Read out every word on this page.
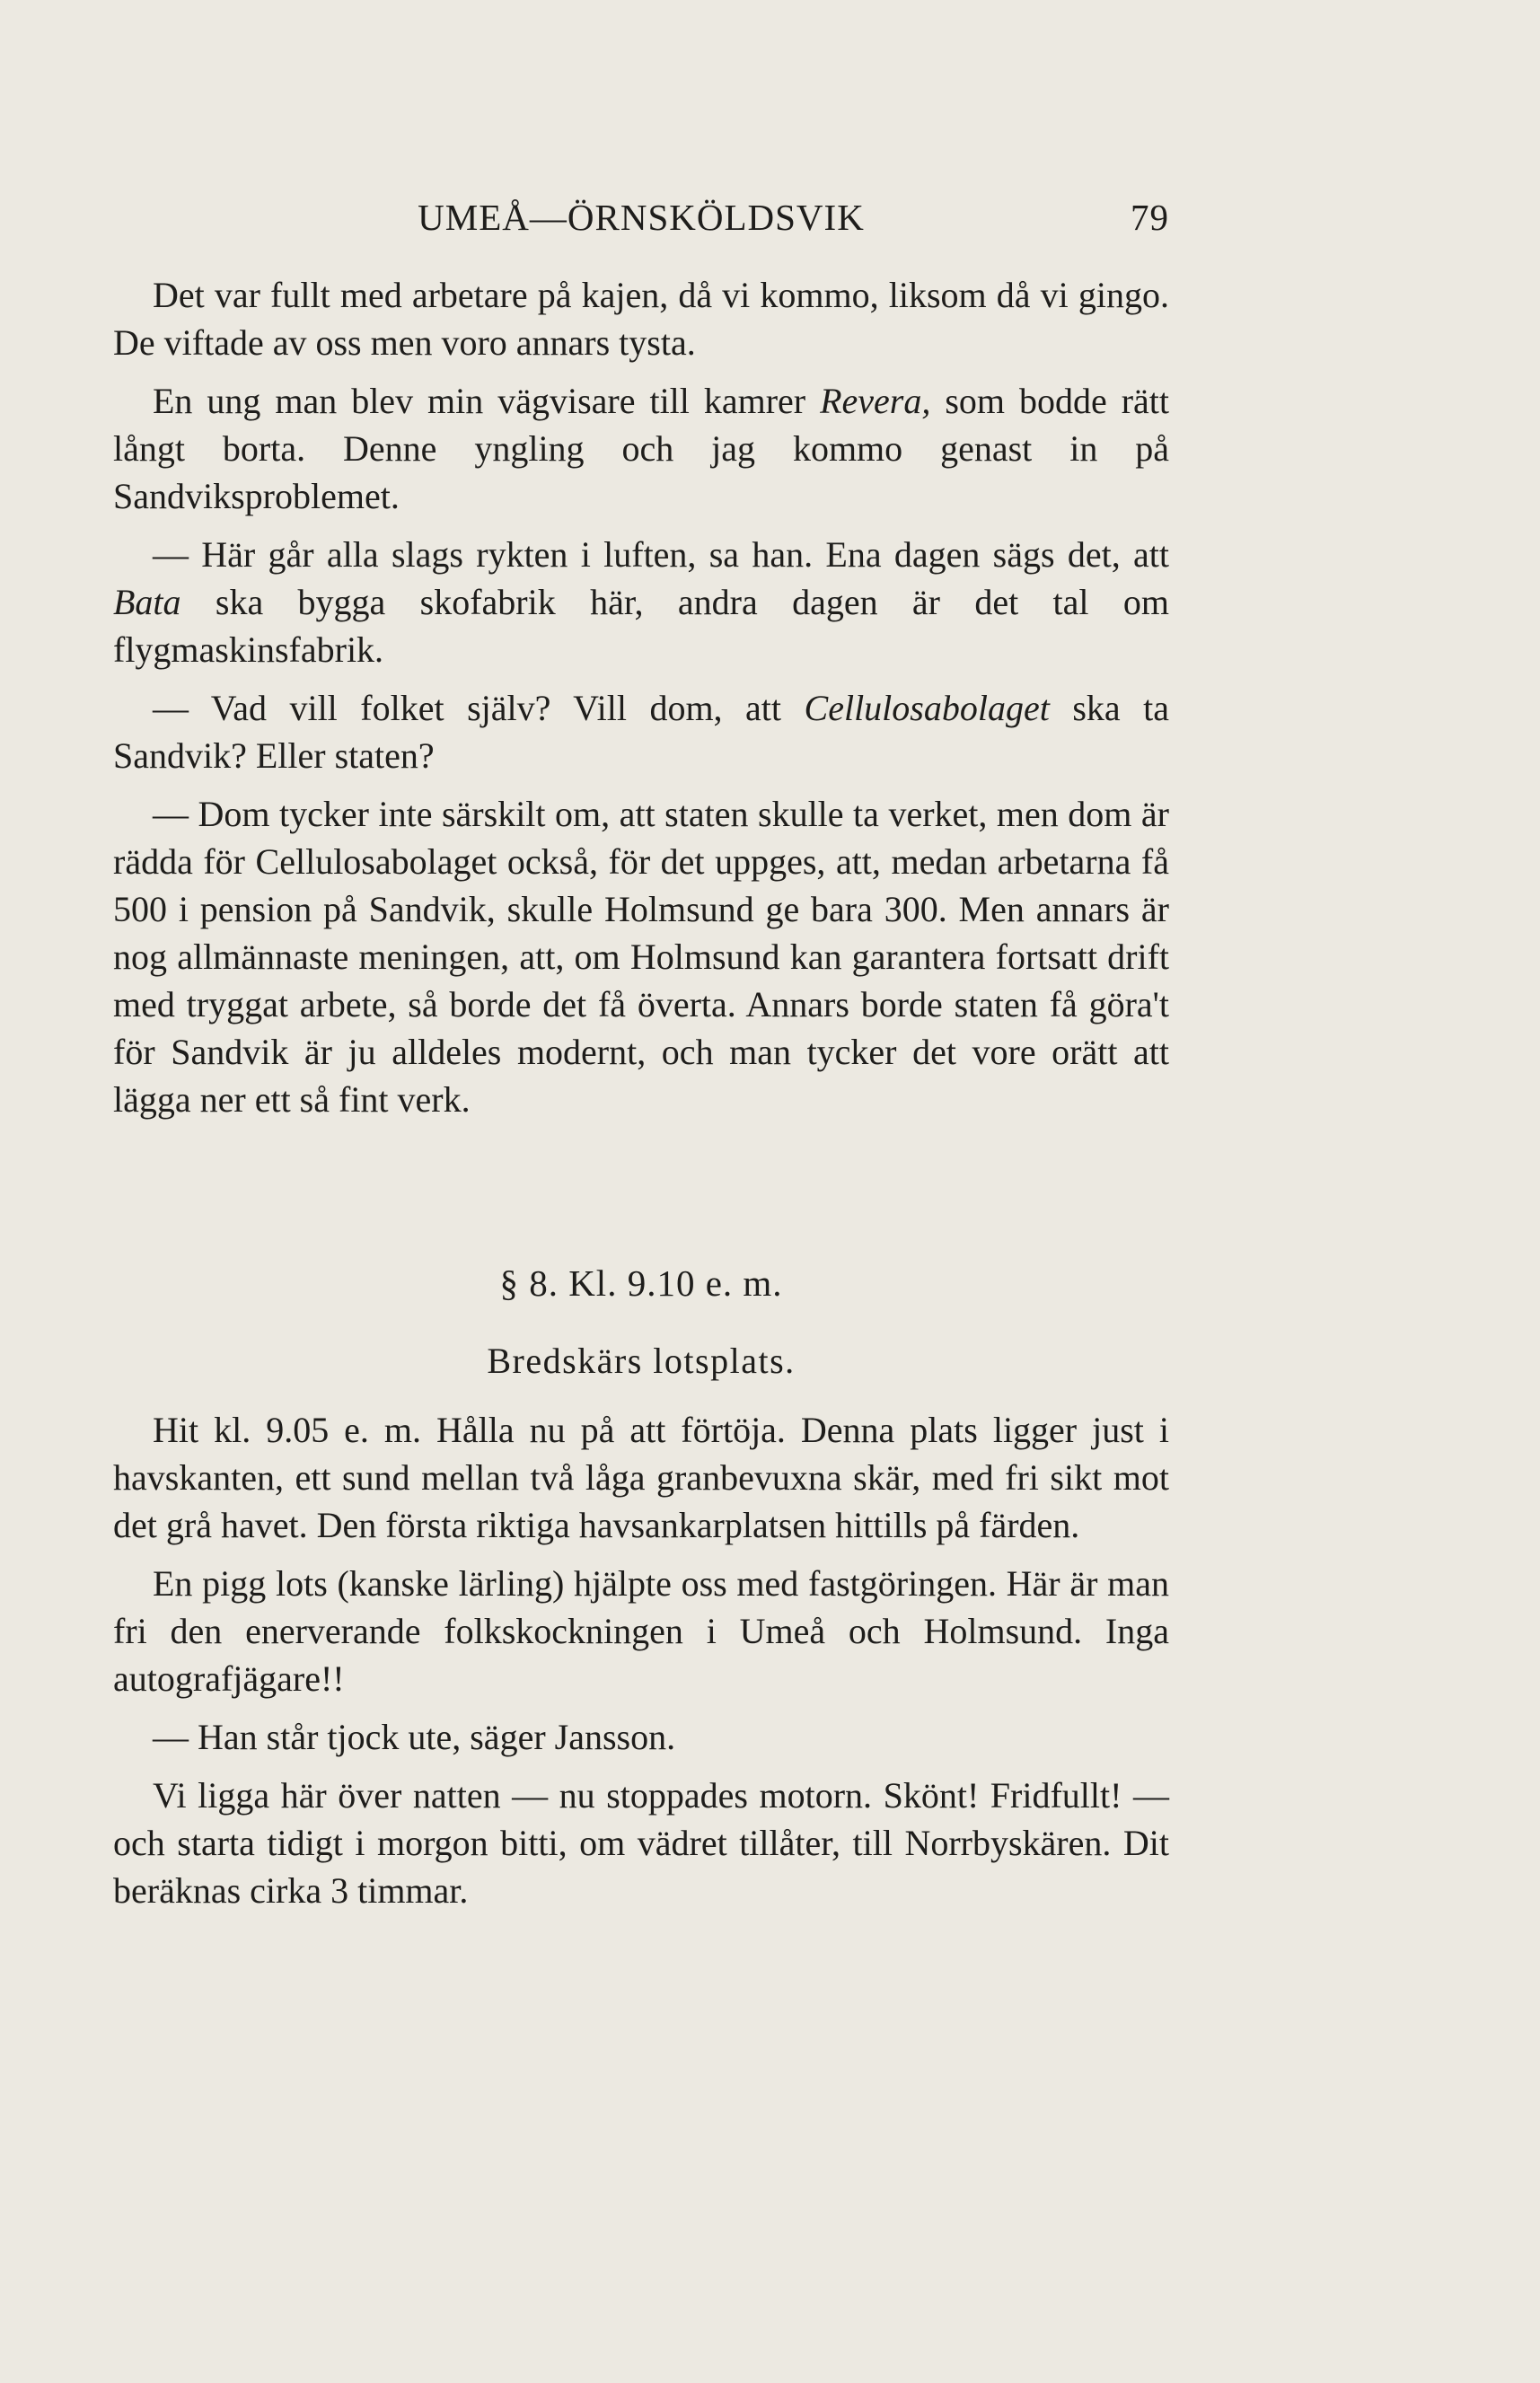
UMEÅ—ÖRNSKÖLDSVIK	79

Det var fullt med arbetare på kajen, då vi kommo, liksom då vi gingo. De viftade av oss men voro annars tysta.

En ung man blev min vägvisare till kamrer Revera, som bodde rätt långt borta. Denne yngling och jag kommo genast in på Sandviksproblemet.

— Här går alla slags rykten i luften, sa han. Ena dagen sägs det, att Bata ska bygga skofabrik här, andra dagen är det tal om flygmaskinsfabrik.

— Vad vill folket själv? Vill dom, att Cellulosabolaget ska ta Sandvik? Eller staten?

— Dom tycker inte särskilt om, att staten skulle ta verket, men dom är rädda för Cellulosabolaget också, för det uppges, att, medan arbetarna få 500 i pension på Sandvik, skulle Holmsund ge bara 300. Men annars är nog allmännaste meningen, att, om Holmsund kan garantera fortsatt drift med tryggat arbete, så borde det få överta. Annars borde staten få göra't för Sandvik är ju alldeles modernt, och man tycker det vore orätt att lägga ner ett så fint verk.

§ 8. Kl. 9.10 e. m.
Bredskärs lotsplats.

Hit kl. 9.05 e. m. Hålla nu på att förtöja. Denna plats ligger just i havskanten, ett sund mellan två låga granbevuxna skär, med fri sikt mot det grå havet. Den första riktiga havsankarplatsen hittills på färden.

En pigg lots (kanske lärling) hjälpte oss med fastgöringen. Här är man fri den enerverande folkskockningen i Umeå och Holmsund. Inga autografjägare!!

— Han står tjock ute, säger Jansson.

Vi ligga här över natten — nu stoppades motorn. Skönt! Fridfullt! — och starta tidigt i morgon bitti, om vädret tillåter, till Norrbyskären. Dit beräknas cirka 3 timmar.
